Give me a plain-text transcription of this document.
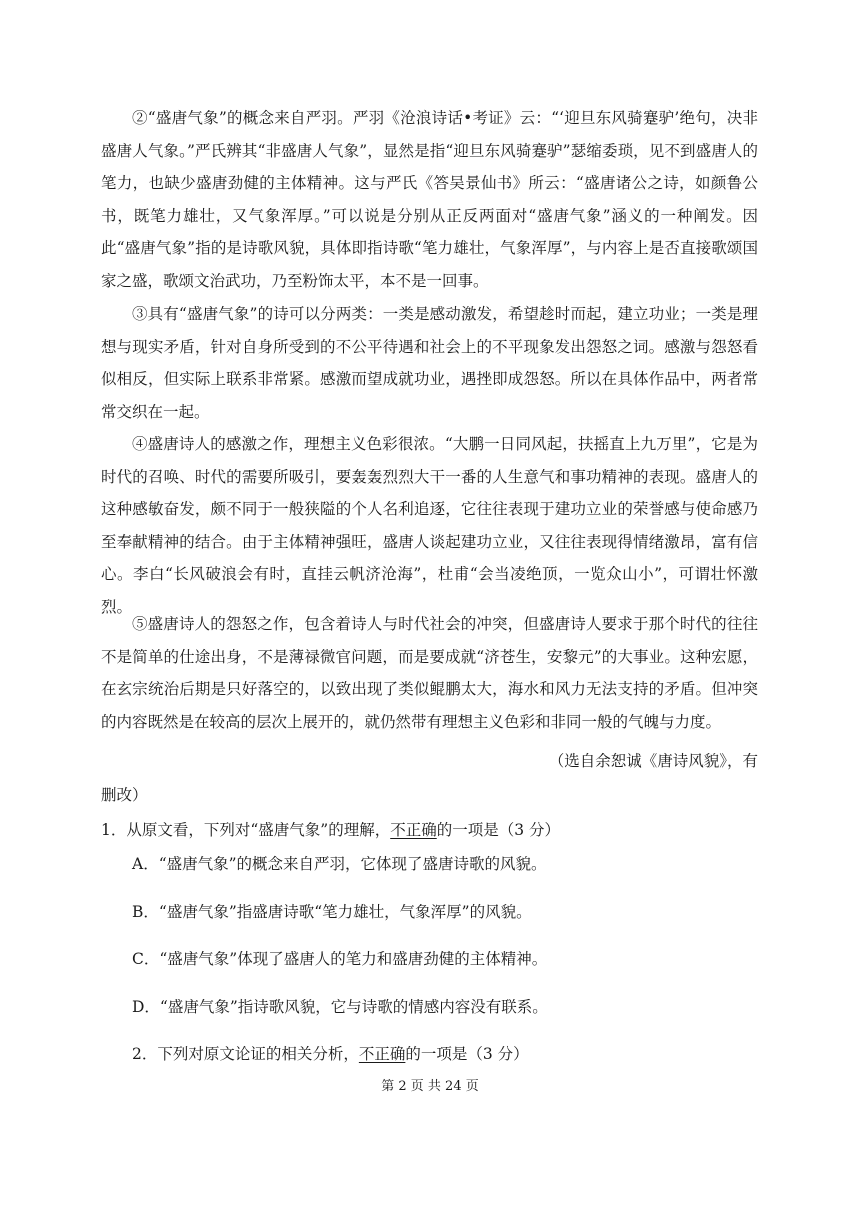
②“盛唐气象”的概念来自严羽。严羽《沧浪诗话•考证》云：“‘迎旦东风骑蹇驴’绝句，决非盛唐人气象。”严氏辨其“非盛唐人气象”，显然是指“迎旦东风骑蹇驴”瑟缩委琐，见不到盛唐人的笔力，也缺少盛唐劲健的主体精神。这与严氏《答吴景仙书》所云：“盛唐诸公之诗，如颜鲁公书，既笔力雄壮，又气象浑厚。”可以说是分别从正反两面对“盛唐气象”涵义的一种阐发。因此“盛唐气象”指的是诗歌风貌，具体即指诗歌“笔力雄壮，气象浑厚”，与内容上是否直接歌颂国家之盛，歌颂文治武功，乃至粉饰太平，本不是一回事。

③具有“盛唐气象”的诗可以分两类：一类是感动激发，希望趁时而起，建立功业；一类是理想与现实矛盾，针对自身所受到的不公平待遇和社会上的不平现象发出怨怒之词。感激与怨怒看似相反，但实际上联系非常紧。感激而望成就功业，遇挫即成怨怒。所以在具体作品中，两者常常交织在一起。

④盛唐诗人的感激之作，理想主义色彩很浓。“大鹏一日同风起，扶摇直上九万里”，它是为时代的召唤、时代的需要所吸引，要轰轰烈烈大干一番的人生意气和事功精神的表现。盛唐人的这种感敏奋发，颇不同于一般狭隘的个人名利追逐，它往往表现于建功立业的荣誉感与使命感乃至奉献精神的结合。由于主体精神强旺，盛唐人谈起建功立业，又往往表现得情绪激昂，富有信心。李白“长风破浪会有时，直挂云帆济沧海”，杜甫“会当凌绝顶，一览众山小”，可谓壮怀激烈。

⑤盛唐诗人的怨怒之作，包含着诗人与时代社会的冲突，但盛唐诗人要求于那个时代的往往不是简单的仕途出身，不是薄禄微官问题，而是要成就“济苍生，安黎元”的大事业。这种宏愿，在玄宗统治后期是只好落空的，以致出现了类似鲲鹏太大，海水和风力无法支持的矛盾。但冲突的内容既然是在较高的层次上展开的，就仍然带有理想主义色彩和非同一般的气魄与力度。

（选自余恕诚《唐诗风貌》，有
删改）
1．从原文看，下列对“盛唐气象”的理解，不正确的一项是（3 分）
A．“盛唐气象”的概念来自严羽，它体现了盛唐诗歌的风貌。
B．“盛唐气象”指盛唐诗歌“笔力雄壮，气象浑厚”的风貌。
C．“盛唐气象”体现了盛唐人的笔力和盛唐劲健的主体精神。
D．“盛唐气象”指诗歌风貌，它与诗歌的情感内容没有联系。
2．下列对原文论证的相关分析，不正确的一项是（3 分）
第 2 页 共 24 页
